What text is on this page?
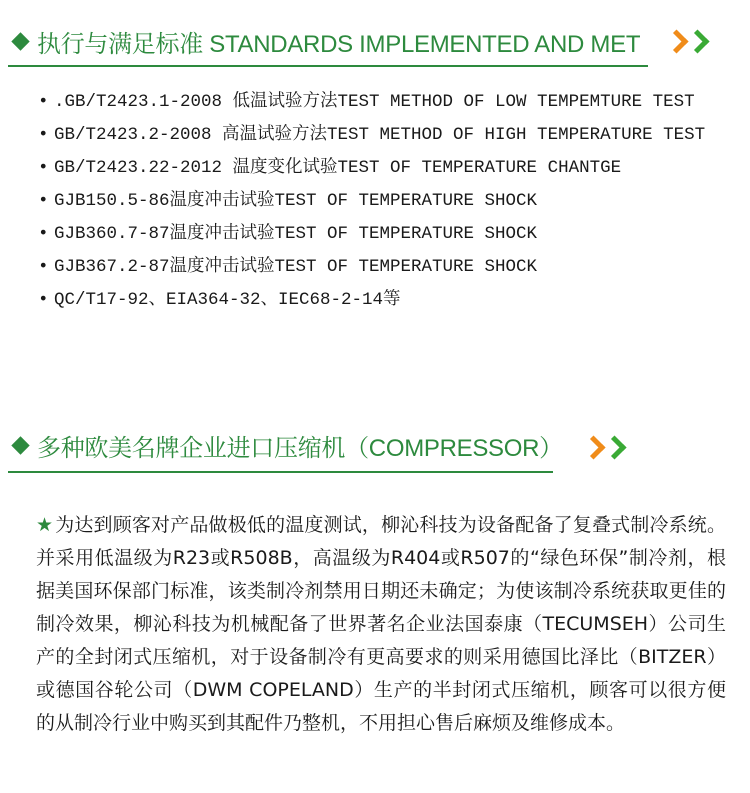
执行与满足标准 STANDARDS IMPLEMENTED AND MET
• .GB/T2423.1-2008 低温试验方法TEST METHOD OF LOW TEMPEMTURE TEST
• GB/T2423.2-2008 高温试验方法TEST METHOD OF HIGH TEMPERATURE TEST
• GB/T2423.22-2012 温度变化试验TEST OF TEMPERATURE CHANTGE
• GJB150.5-86温度冲击试验TEST OF TEMPERATURE SHOCK
• GJB360.7-87温度冲击试验TEST OF TEMPERATURE SHOCK
• GJB367.2-87温度冲击试验TEST OF TEMPERATURE SHOCK
• QC/T17-92、EIA364-32、IEC68-2-14等
多种欧美名牌企业进口压缩机（COMPRESSOR）

★ 为达到顾客对产品做极低的温度测试，柳沁科技为设备配备了复叠式制冷系统。并采用低温级为R23或R508B，高温级为R404或R507的“绿色环保”制冷剂，根据美国环保部门标准，该类制冷剂禁用日期还未确定；为使该制冷系统获取更佳的制冷效果，柳沁科技为机械配备了世界著名企业法国泰康（TECUMSEH）公司生产的全封闭式压缩机，对于设备制冷有更高要求的则采用德国比泽比（BITZER）或德国谷轮公司（DWM COPELAND）生产的半封闭式压缩机，顾客可以很方便的从制冷行业中购买到其配件乃整机，不用担心售后麻烦及维修成本。
